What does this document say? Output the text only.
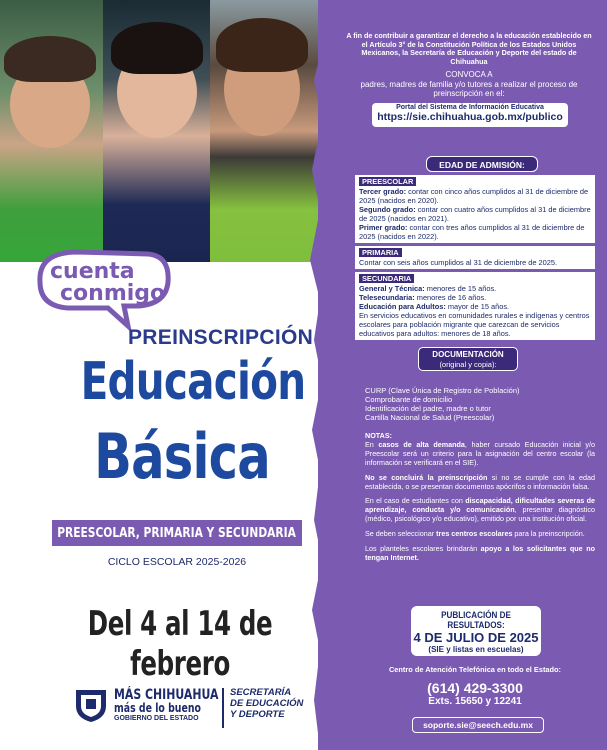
cuenta
conmigo
PREINSCRIPCIÓN
Educación
Básica
PREESCOLAR, PRIMARIA Y SECUNDARIA
CICLO ESCOLAR 2025-2026
Del 4 al 14 de febrero
MÁS CHIHUAHUA
más de lo bueno
GOBIERNO DEL ESTADO
SECRETARÍA
DE EDUCACIÓN
Y DEPORTE
A fin de contribuir a garantizar el derecho a la educación establecido en el Artículo 3° de la Constitución Política de los Estados Unidos Mexicanos, la Secretaría de Educación y Deporte del estado de Chihuahua
CONVOCA A
padres, madres de familia y/o tutores a realizar el proceso de preinscripción en el:
Portal del Sistema de Información Educativa
https://sie.chihuahua.gob.mx/publico
EDAD DE ADMISIÓN:
PREESCOLAR
Tercer grado: contar con cinco años cumplidos al 31 de diciembre de 2025 (nacidos en 2020).
Segundo grado: contar con cuatro años cumplidos al 31 de diciembre de 2025 (nacidos en 2021).
Primer grado: contar con tres años cumplidos al 31 de diciembre de 2025 (nacidos en 2022).
PRIMARIA
Contar con seis años cumplidos al 31 de diciembre de 2025.
SECUNDARIA
General y Técnica: menores de 15 años.
Telesecundaria: menores de 16 años.
Educación para Adultos: mayor de 15 años.
En servicios educativos en comunidades rurales e indígenas y centros escolares para población migrante que carezcan de servicios educativos para adultos: menores de 18 años.
DOCUMENTACIÓN
(original y copia):
CURP (Clave Única de Registro de Población)
Comprobante de domicilio
Identificación del padre, madre o tutor
Cartilla Nacional de Salud (Preescolar)

NOTAS:
En casos de alta demanda, haber cursado Educación inicial y/o Preescolar será un criterio para la asignación del centro escolar (la información se verificará en el SIE).

No se concluirá la preinscripción si no se cumple con la edad establecida, o se presentan documentos apócrifos o información falsa.

En el caso de estudiantes con discapacidad, dificultades severas de aprendizaje, conducta y/o comunicación, presentar diagnóstico (médico, psicológico y/o educativo), emitido por una institución oficial.

Se deben seleccionar tres centros escolares para la preinscripción.

Los planteles escolares brindarán apoyo a los solicitantes que no tengan Internet.

PUBLICACIÓN DE RESULTADOS:
4 DE JULIO DE 2025
(SIE y listas en escuelas)
Centro de Atención Telefónica en todo el Estado:
(614) 429-3300
Exts. 15650 y 12241
soporte.sie@seech.edu.mx
